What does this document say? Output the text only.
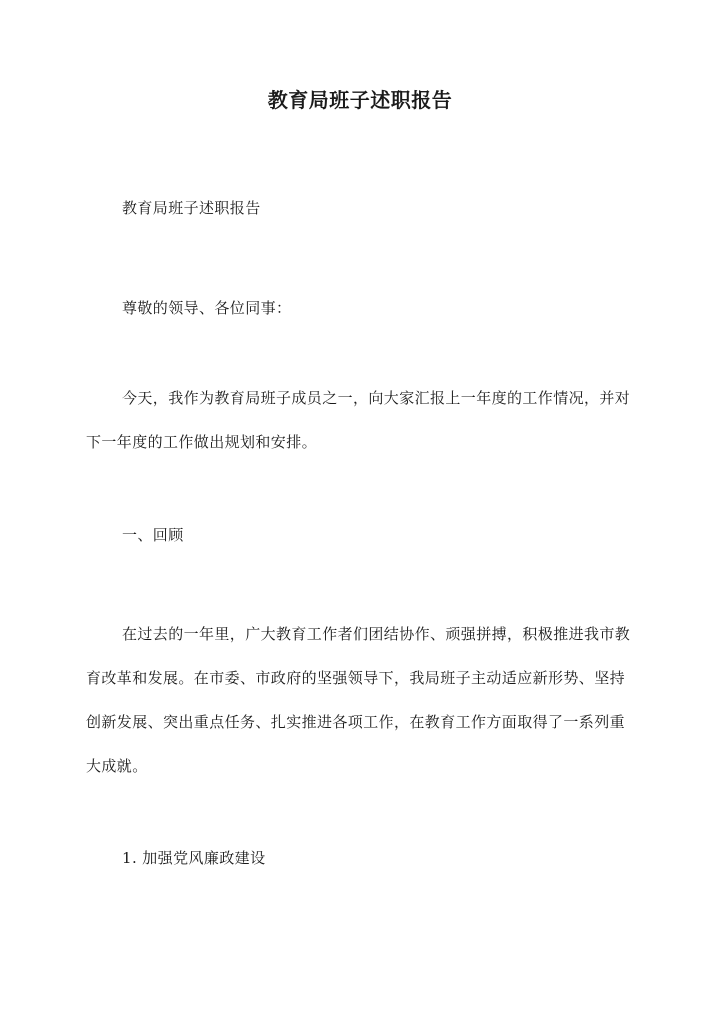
教育局班子述职报告

教育局班子述职报告

尊敬的领导、各位同事：

今天，我作为教育局班子成员之一，向大家汇报上一年度的工作情况，并对下一年度的工作做出规划和安排。

一、回顾

在过去的一年里，广大教育工作者们团结协作、顽强拼搏，积极推进我市教育改革和发展。在市委、市政府的坚强领导下，我局班子主动适应新形势、坚持创新发展、突出重点任务、扎实推进各项工作，在教育工作方面取得了一系列重大成就。

1. 加强党风廉政建设
